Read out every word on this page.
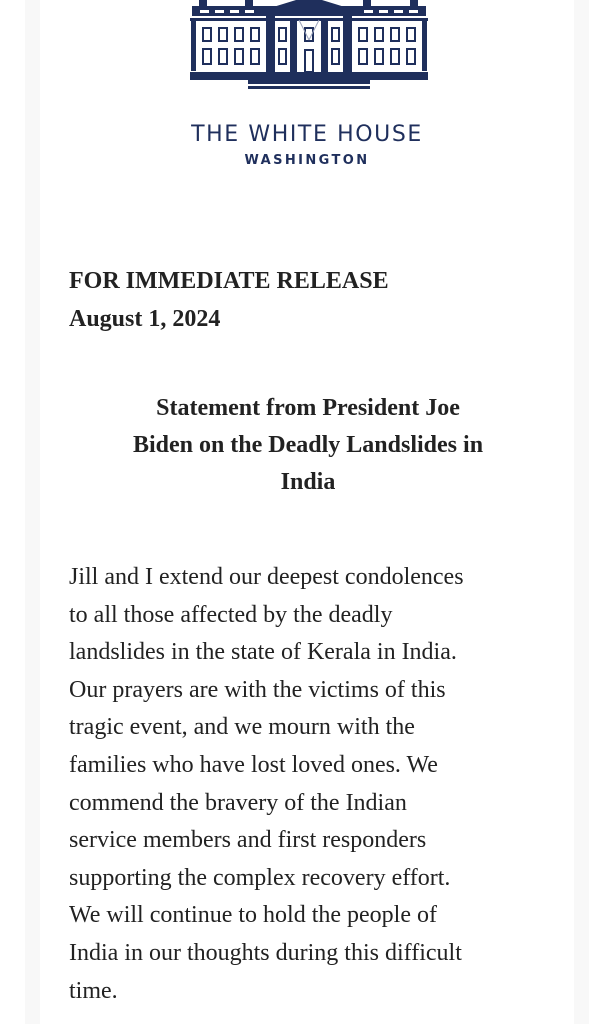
THE WHITE HOUSE
WASHINGTON
FOR IMMEDIATE RELEASE
August 1, 2024
Statement from President Joe
Biden on the Deadly Landslides in
India
Jill and I extend our deepest condolences
to all those affected by the deadly
landslides in the state of Kerala in India.
Our prayers are with the victims of this
tragic event, and we mourn with the
families who have lost loved ones. We
commend the bravery of the Indian
service members and first responders
supporting the complex recovery effort.
We will continue to hold the people of
India in our thoughts during this difficult
time.
